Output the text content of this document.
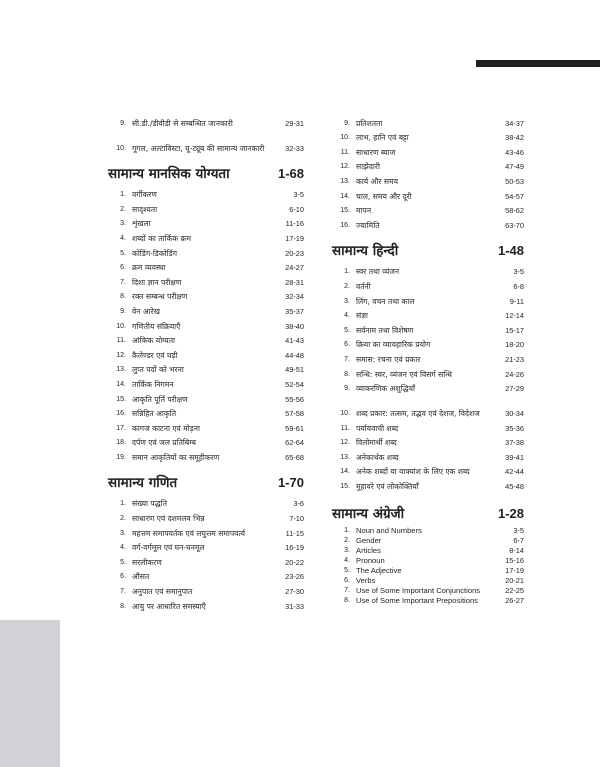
9. सी.डी./डीवीडी से सम्बन्धित जानकारी	29-31
10. गूगल, अल्टाविस्टा, यू-ट्यूब की सामान्य जानकारी	32-33
सामान्य मानसिक योग्यता	1-68
1. वर्गीकरण	3-5
2. सादृश्यता	6-10
3. शृंखला	11-16
4. शब्दों का तार्किक क्रम	17-19
5. कोडिंग-डिकोडिंग	20-23
6. क्रम व्यवस्था	24-27
7. दिशा ज्ञान परीक्षण	28-31
8. रक्त सम्बन्ध परीक्षण	32-34
9. वेन आरेख	35-37
10. गणितीय संक्रियाएँ	38-40
11. आंकिक योग्यता	41-43
12. कैलेण्डर एवं घड़ी	44-48
13. लुप्त पदों को भरना	49-51
14. तार्किक निगमन	52-54
15. आकृति पूर्ति परीक्षण	55-56
16. सन्निहित आकृति	57-58
17. कागज काटना एवं मोड़ना	59-61
18. दर्पण एवं जल प्रतिबिम्ब	62-64
19. समान आकृतियों का समूहीकरण	65-68
सामान्य गणित	1-70
1. संख्या पद्धति	3-6
2. साधारण एवं दशमलव भिन्न	7-10
3. महत्तम समापवर्तक एवं लघुत्तम समापवर्त्य	11-15
4. वर्ग-वर्गमूल एवं घन-घनमूल	16-19
5. सरलीकरण	20-22
6. औसत	23-26
7. अनुपात एवं समानुपात	27-30
8. आयु पर आधारित समस्याएँ	31-33
9. प्रतिशतता	34-37
10. लाभ, हानि एवं बट्टा	38-42
11. साधारण ब्याज	43-46
12. साझेदारी	47-49
13. कार्य और समय	50-53
14. चाल, समय और दूरी	54-57
15. मापन	58-62
16. ज्यामिति	63-70
सामान्य हिन्दी	1-48
1. स्वर तथा व्यंजन	3-5
2. वर्तनी	6-8
3. लिंग, वचन तथा काल	9-11
4. संज्ञा	12-14
5. सर्वनाम तथा विशेषण	15-17
6. क्रिया का व्यावहारिक प्रयोग	18-20
7. समास: रचना एवं प्रकार	21-23
8. सन्धि: स्वर, व्यंजन एवं विसर्ग सन्धि	24-26
9. व्याकरणिक अशुद्धियाँ	27-29
10. शब्द प्रकार: तत्सम, तद्भव एवं देशज, विदेशज	30-34
11. पर्यायवाची शब्द	35-36
12. विलोमार्थी शब्द	37-38
13. अनेकार्थक शब्द	39-41
14. अनेक शब्दों या वाक्यांश के लिए एक शब्द	42-44
15. मुहावरे एवं लोकोक्तियाँ	45-48
सामान्य अंग्रेजी	1-28
1. Noun and Numbers	3-5
2. Gender	6-7
3. Articles	8-14
4. Pronoun	15-16
5. The Adjective	17-19
6. Verbs	20-21
7. Use of Some Important Conjunctions	22-25
8. Use of Some Important Prepositions	26-27
